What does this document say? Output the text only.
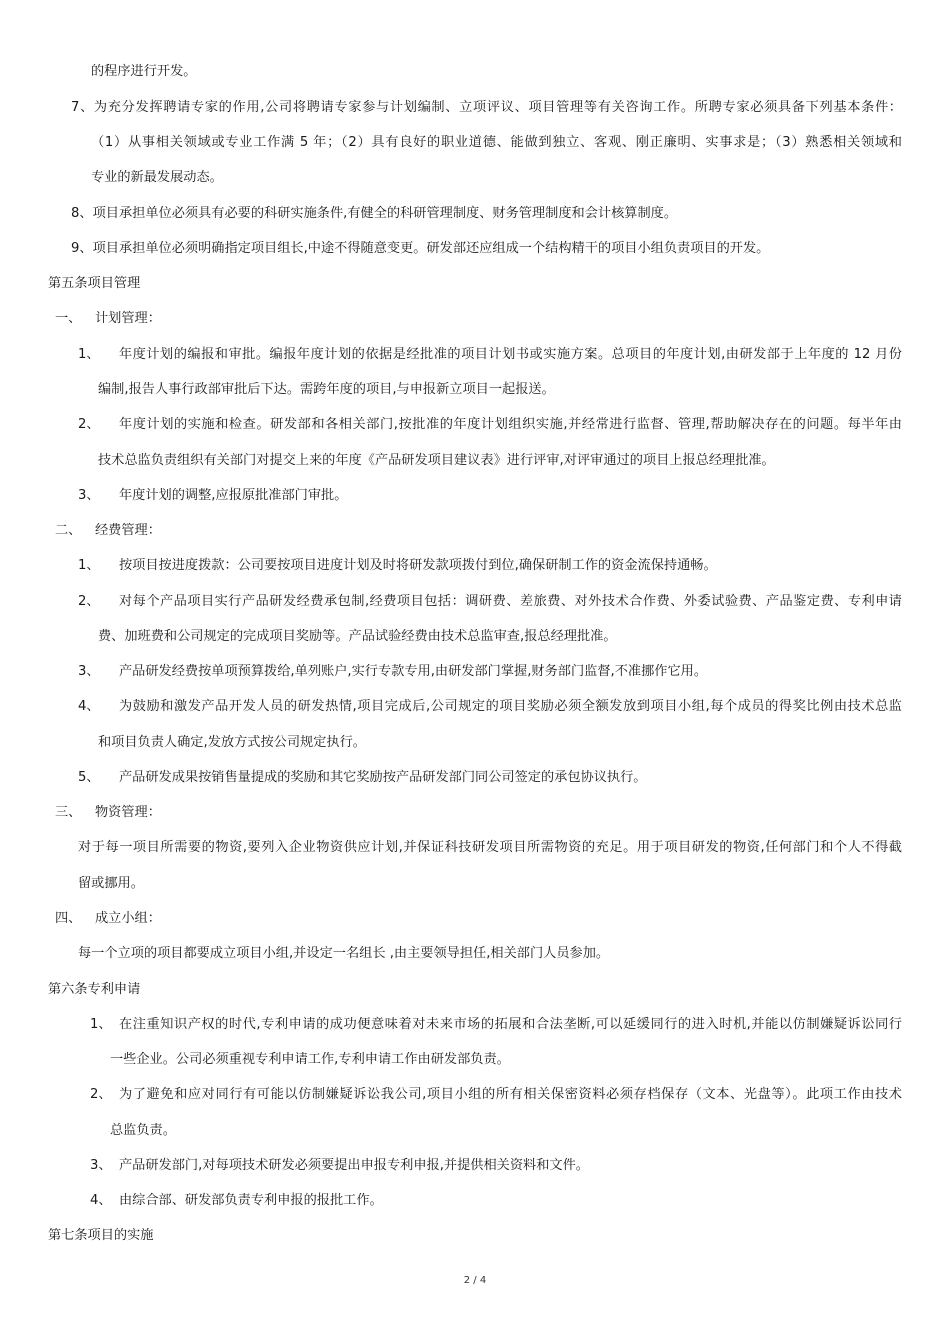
的程序进行开发。
7、为充分发挥聘请专家的作用,公司将聘请专家参与计划编制、立项评议、项目管理等有关咨询工作。所聘专家必须具备下列基本条件：
（1）从事相关领域或专业工作满 5 年；（2）具有良好的职业道德、能做到独立、客观、刚正廉明、实事求是；（3）熟悉相关领域和
专业的新最发展动态。
8、项目承担单位必须具有必要的科研实施条件,有健全的科研管理制度、财务管理制度和会计核算制度。
9、项目承担单位必须明确指定项目组长,中途不得随意变更。研发部还应组成一个结构精干的项目小组负责项目的开发。
第五条项目管理
一、 计划管理：
1、 年度计划的编报和审批。编报年度计划的依据是经批准的项目计划书或实施方案。总项目的年度计划,由研发部于上年度的 12 月份
编制,报告人事行政部审批后下达。需跨年度的项目,与申报新立项目一起报送。
2、 年度计划的实施和检查。研发部和各相关部门,按批准的年度计划组织实施,并经常进行监督、管理,帮助解决存在的问题。每半年由
技术总监负责组织有关部门对提交上来的年度《产品研发项目建议表》进行评审,对评审通过的项目上报总经理批准。
3、 年度计划的调整,应报原批准部门审批。
二、 经费管理：
1、 按项目按进度拨款：公司要按项目进度计划及时将研发款项拨付到位,确保研制工作的资金流保持通畅。
2、 对每个产品项目实行产品研发经费承包制,经费项目包括：调研费、差旅费、对外技术合作费、外委试验费、产品鉴定费、专利申请
费、加班费和公司规定的完成项目奖励等。产品试验经费由技术总监审查,报总经理批准。
3、 产品研发经费按单项预算拨给,单列账户,实行专款专用,由研发部门掌握,财务部门监督,不准挪作它用。
4、 为鼓励和激发产品开发人员的研发热情,项目完成后,公司规定的项目奖励必须全额发放到项目小组,每个成员的得奖比例由技术总监
和项目负责人确定,发放方式按公司规定执行。
5、 产品研发成果按销售量提成的奖励和其它奖励按产品研发部门同公司签定的承包协议执行。
三、 物资管理：
对于每一项目所需要的物资,要列入企业物资供应计划,并保证科技研发项目所需物资的充足。用于项目研发的物资,任何部门和个人不得截
留或挪用。
四、 成立小组：
每一个立项的项目都要成立项目小组,并设定一名组长 ,由主要领导担任,相关部门人员参加。
第六条专利申请
1、 在注重知识产权的时代,专利申请的成功便意味着对未来市场的拓展和合法垄断,可以延缓同行的进入时机,并能以仿制嫌疑诉讼同行
一些企业。公司必须重视专利申请工作,专利申请工作由研发部负责。
2、 为了避免和应对同行有可能以仿制嫌疑诉讼我公司,项目小组的所有相关保密资料必须存档保存（文本、光盘等）。此项工作由技术
总监负责。
3、 产品研发部门,对每项技术研发必须要提出申报专利申报,并提供相关资料和文件。
4、 由综合部、研发部负责专利申报的报批工作。
第七条项目的实施
2 / 4
